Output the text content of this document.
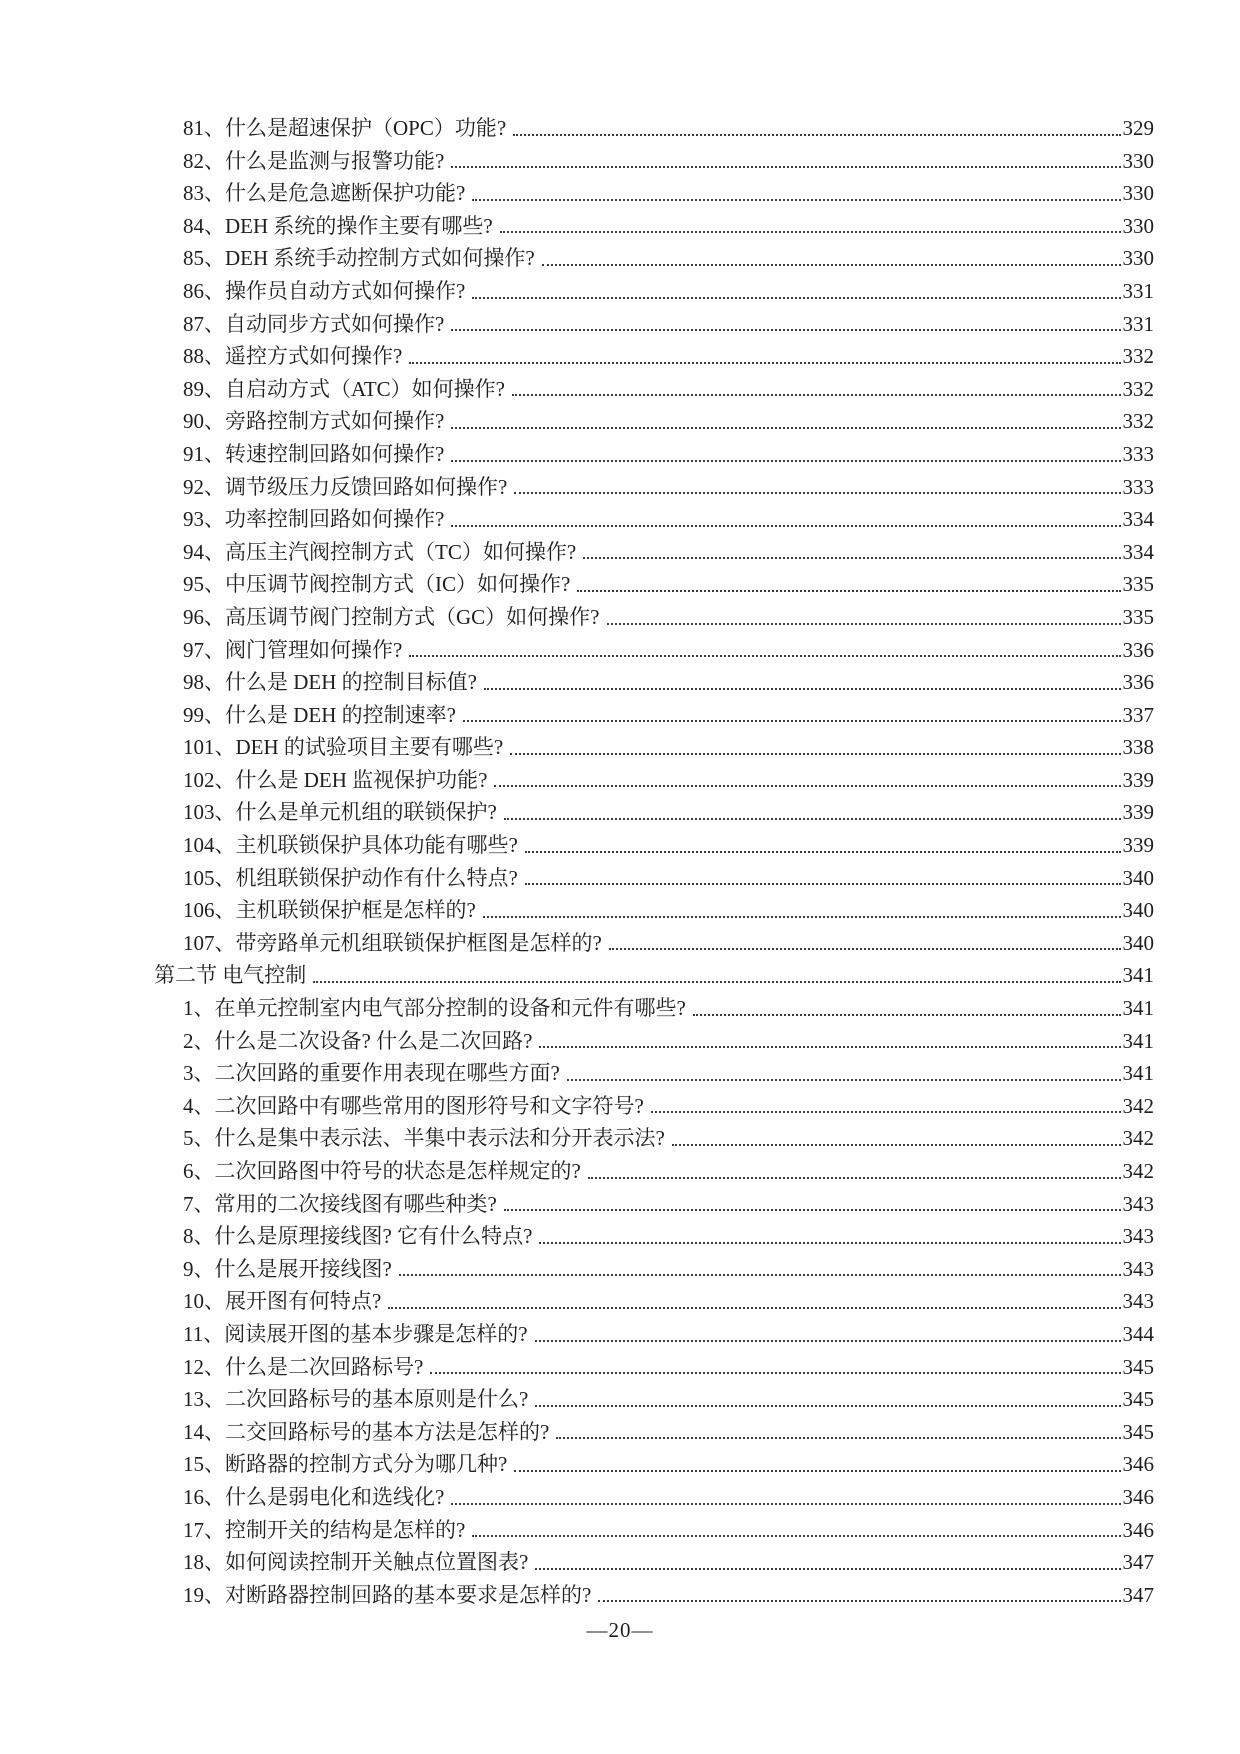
81、什么是超速保护（OPC）功能?	329
82、什么是监测与报警功能?	330
83、什么是危急遮断保护功能?	330
84、DEH 系统的操作主要有哪些?	330
85、DEH 系统手动控制方式如何操作?	330
86、操作员自动方式如何操作?	331
87、自动同步方式如何操作?	331
88、遥控方式如何操作?	332
89、自启动方式（ATC）如何操作?	332
90、旁路控制方式如何操作?	332
91、转速控制回路如何操作?	333
92、调节级压力反馈回路如何操作?	333
93、功率控制回路如何操作?	334
94、高压主汽阀控制方式（TC）如何操作?	334
95、中压调节阀控制方式（IC）如何操作?	335
96、高压调节阀门控制方式（GC）如何操作?	335
97、阀门管理如何操作?	336
98、什么是 DEH 的控制目标值?	336
99、什么是 DEH 的控制速率?	337
101、DEH 的试验项目主要有哪些?	338
102、什么是 DEH 监视保护功能?	339
103、什么是单元机组的联锁保护?	339
104、主机联锁保护具体功能有哪些?	339
105、机组联锁保护动作有什么特点?	340
106、主机联锁保护框是怎样的?	340
107、带旁路单元机组联锁保护框图是怎样的?	340
第二节 电气控制	341
1、在单元控制室内电气部分控制的设备和元件有哪些?	341
2、什么是二次设备? 什么是二次回路?	341
3、二次回路的重要作用表现在哪些方面?	341
4、二次回路中有哪些常用的图形符号和文字符号?	342
5、什么是集中表示法、半集中表示法和分开表示法?	342
6、二次回路图中符号的状态是怎样规定的?	342
7、常用的二次接线图有哪些种类?	343
8、什么是原理接线图? 它有什么特点?	343
9、什么是展开接线图?	343
10、展开图有何特点?	343
11、阅读展开图的基本步骤是怎样的?	344
12、什么是二次回路标号?	345
13、二次回路标号的基本原则是什么?	345
14、二交回路标号的基本方法是怎样的?	345
15、断路器的控制方式分为哪几种?	346
16、什么是弱电化和选线化?	346
17、控制开关的结构是怎样的?	346
18、如何阅读控制开关触点位置图表?	347
19、对断路器控制回路的基本要求是怎样的?	347
—20—
